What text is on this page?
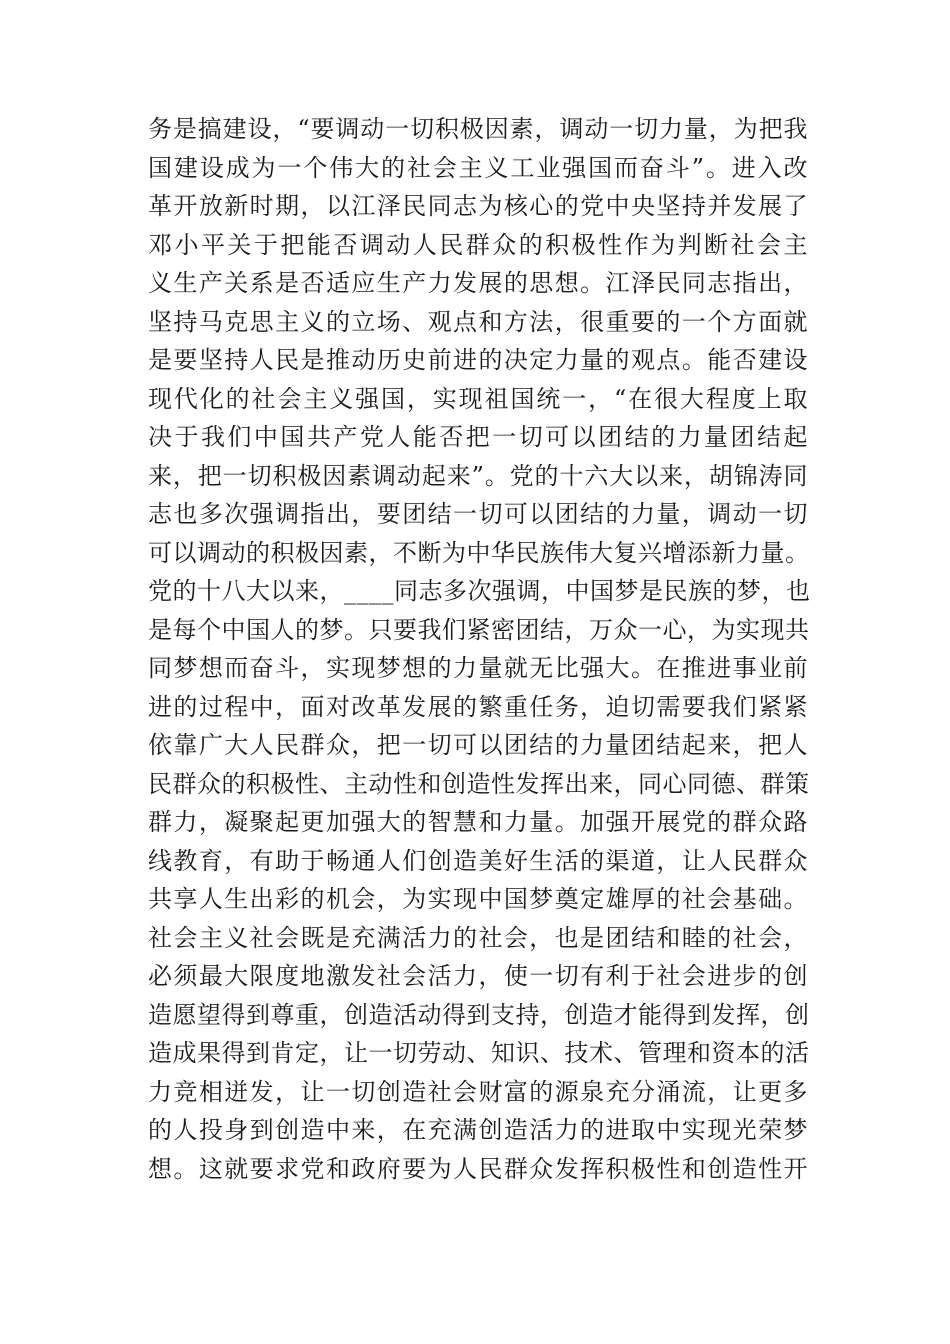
务是搞建设，“要调动一切积极因素，调动一切力量，为把我
国建设成为一个伟大的社会主义工业强国而奋斗”。进入改
革开放新时期，以江泽民同志为核心的党中央坚持并发展了
邓小平关于把能否调动人民群众的积极性作为判断社会主
义生产关系是否适应生产力发展的思想。江泽民同志指出，
坚持马克思主义的立场、观点和方法，很重要的一个方面就
是要坚持人民是推动历史前进的决定力量的观点。能否建设
现代化的社会主义强国，实现祖国统一，“在很大程度上取
决于我们中国共产党人能否把一切可以团结的力量团结起
来，把一切积极因素调动起来”。党的十六大以来，胡锦涛同
志也多次强调指出，要团结一切可以团结的力量，调动一切
可以调动的积极因素，不断为中华民族伟大复兴增添新力量。
党的十八大以来，____同志多次强调，中国梦是民族的梦，也
是每个中国人的梦。只要我们紧密团结，万众一心，为实现共
同梦想而奋斗，实现梦想的力量就无比强大。在推进事业前
进的过程中，面对改革发展的繁重任务，迫切需要我们紧紧
依靠广大人民群众，把一切可以团结的力量团结起来，把人
民群众的积极性、主动性和创造性发挥出来，同心同德、群策
群力，凝聚起更加强大的智慧和力量。加强开展党的群众路
线教育，有助于畅通人们创造美好生活的渠道，让人民群众
共享人生出彩的机会，为实现中国梦奠定雄厚的社会基础。
社会主义社会既是充满活力的社会，也是团结和睦的社会，
必须最大限度地激发社会活力，使一切有利于社会进步的创
造愿望得到尊重，创造活动得到支持，创造才能得到发挥，创
造成果得到肯定，让一切劳动、知识、技术、管理和资本的活
力竞相迸发，让一切创造社会财富的源泉充分涌流，让更多
的人投身到创造中来，在充满创造活力的进取中实现光荣梦
想。这就要求党和政府要为人民群众发挥积极性和创造性开
